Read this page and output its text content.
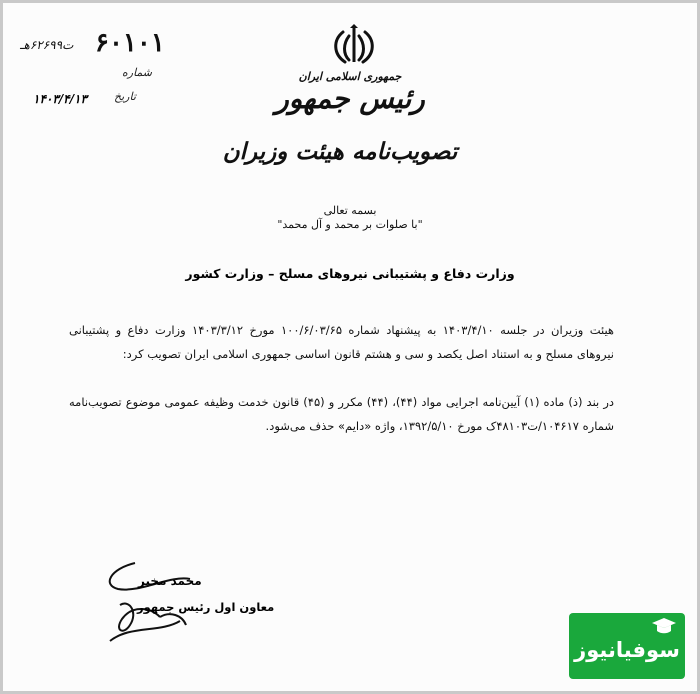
۶۰۱۰۱
ت۶۲۶۹۹هـ
شماره
تاریخ
۱۴۰۳/۴/۱۳
جمهوری اسلامی ایران
رئیس جمهور
تصویب‌نامه هیئت وزیران
بسمه تعالی
"با صلوات بر محمد و آل محمد"
وزارت دفاع و پشتیبانی نیروهای مسلح – وزارت کشور
هیئت وزیران در جلسه ۱۴۰۳/۴/۱۰ به پیشنهاد شماره ۱۰۰/۶/۰۳/۶۵ مورخ ۱۴۰۳/۳/۱۲ وزارت دفاع و پشتیبانی نیروهای مسلح و به استناد اصل یکصد و سی و هشتم قانون اساسی جمهوری اسلامی ایران تصویب کرد:
در بند (ذ) ماده (۱) آیین‌نامه اجرایی مواد (۴۴)، (۴۴) مکرر و (۴۵) قانون خدمت وظیفه عمومی موضوع تصویب‌نامه شماره ۱۰۴۶۱۷/ت۴۸۱۰۳ک مورخ ۱۳۹۲/۵/۱۰، واژه «دایم» حذف می‌شود.
محمد مخبر
معاون اول رئیس جمهور
سوفیانیوز
